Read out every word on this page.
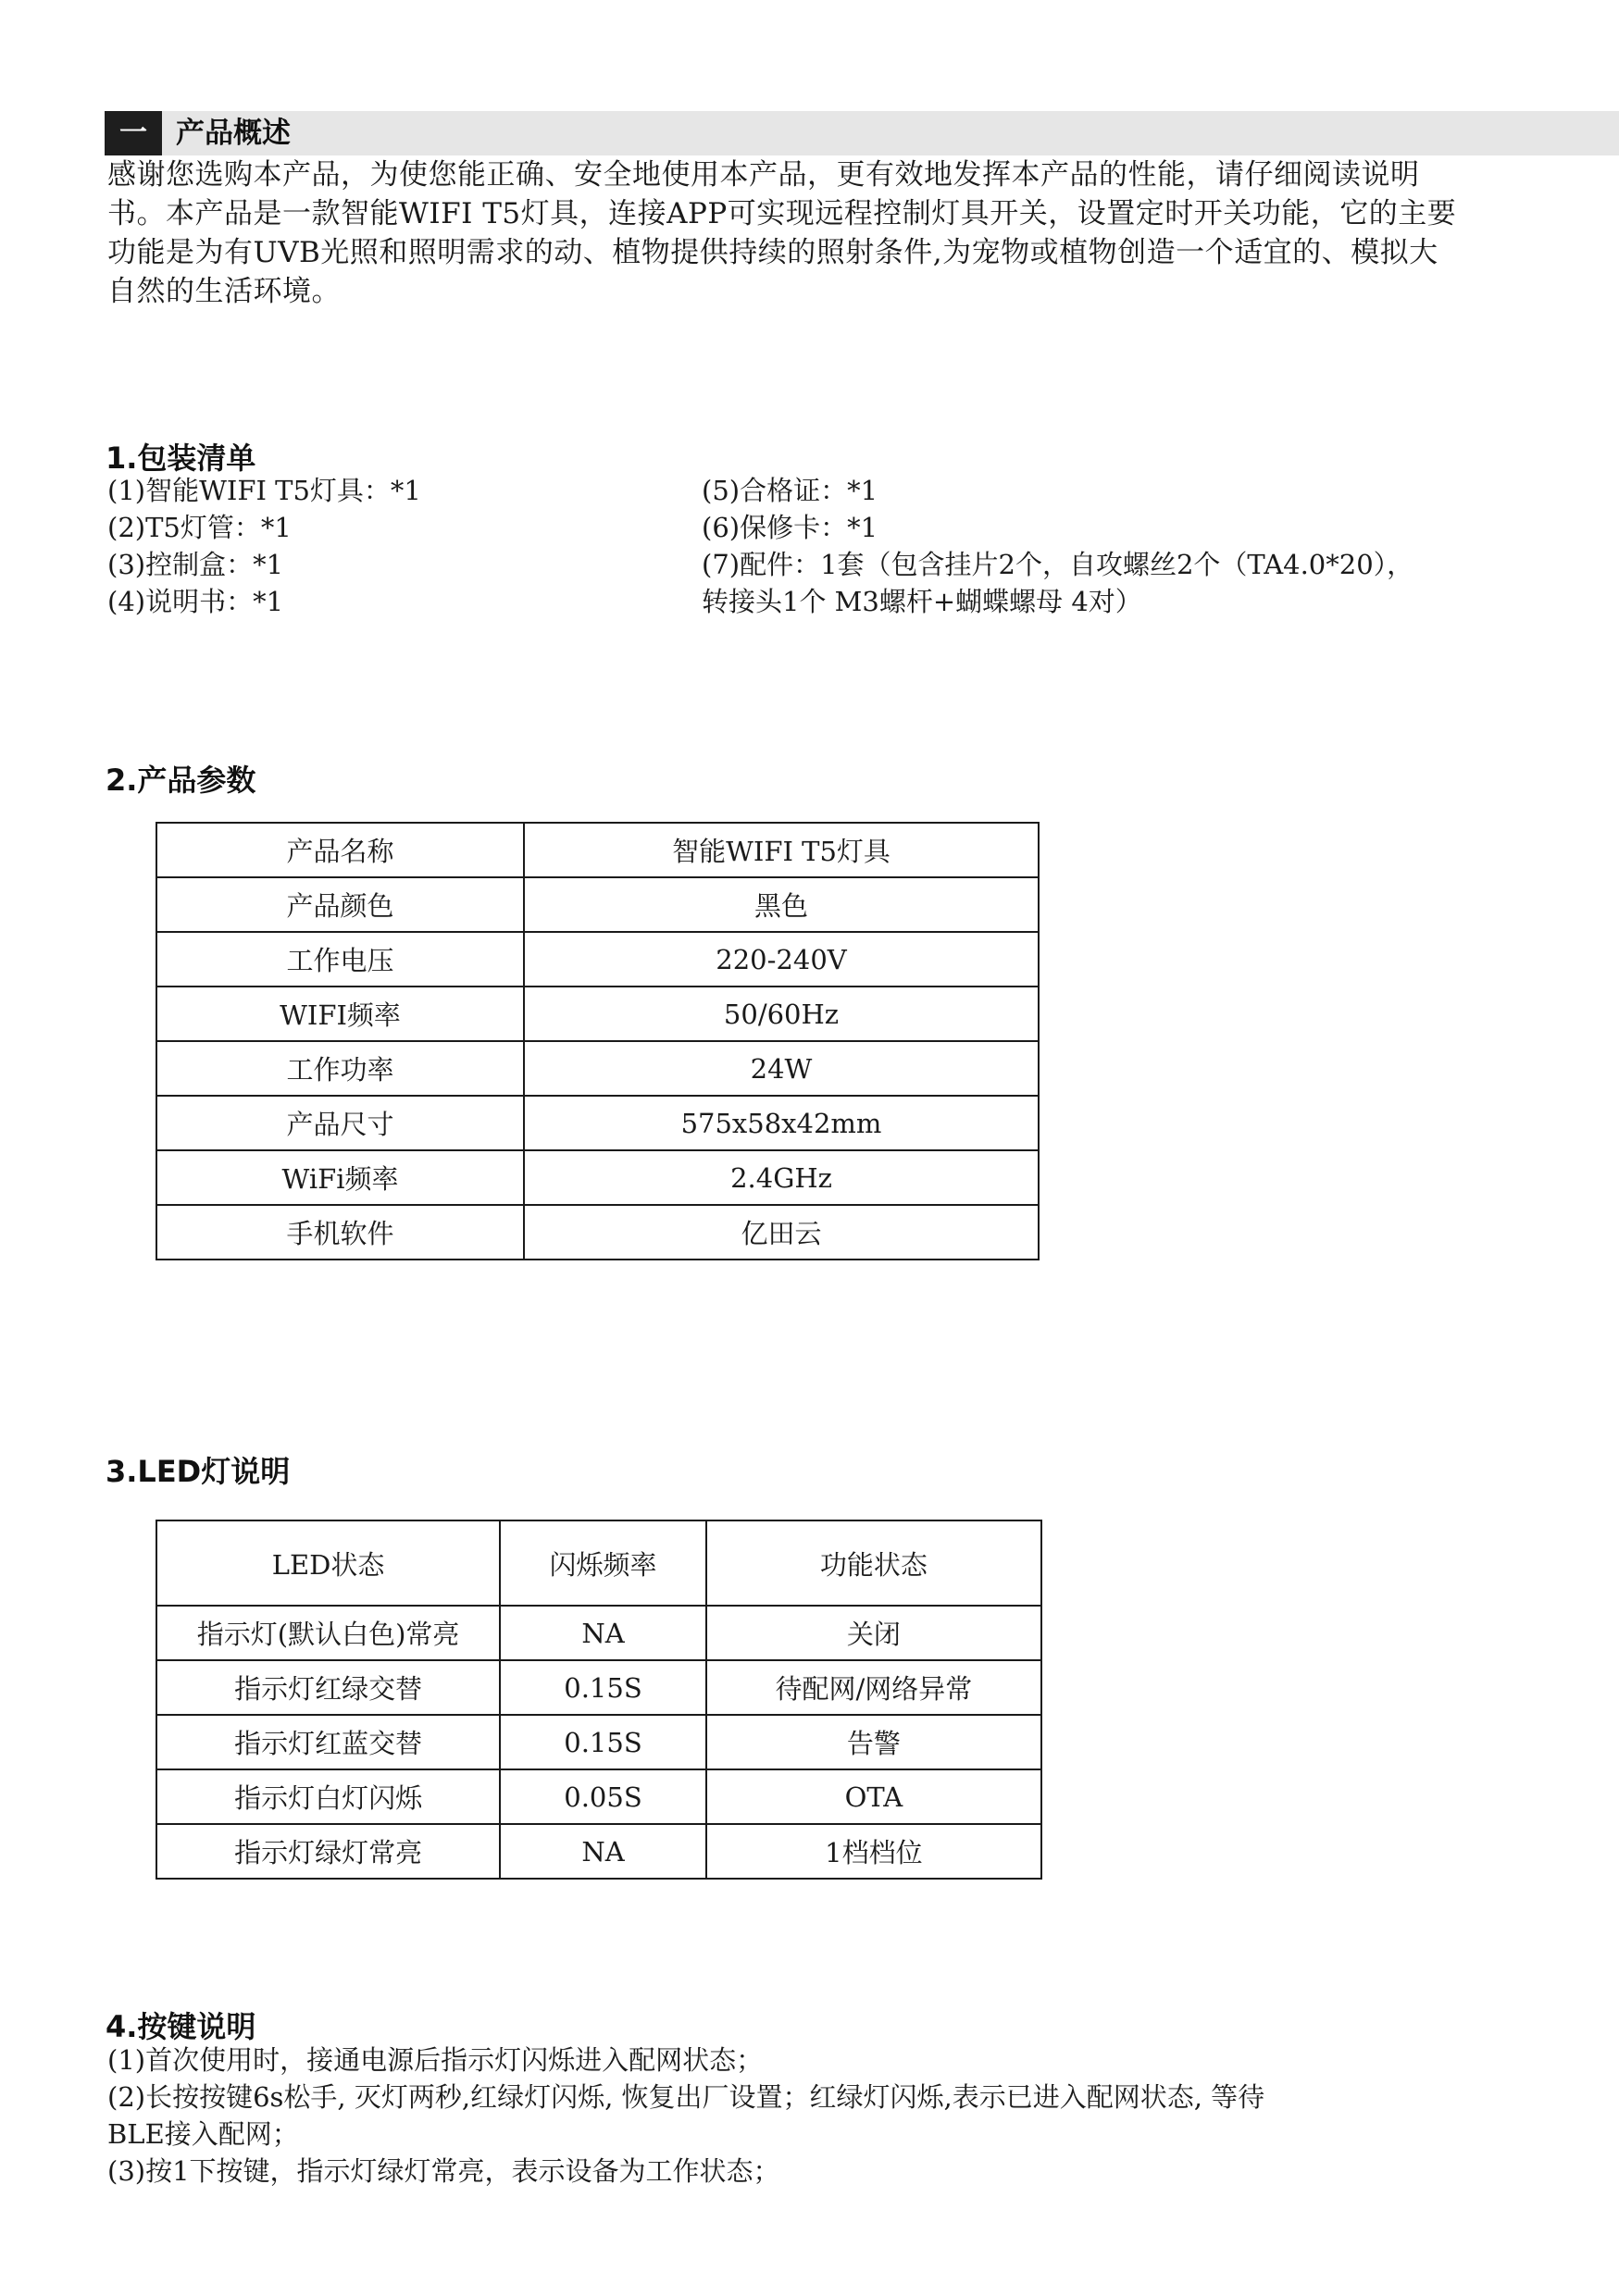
一	产品概述

感谢您选购本产品，为使您能正确、安全地使用本产品，更有效地发挥本产品的性能，请仔细阅读说明

书。本产品是一款智能WIFI T5灯具，连接APP可实现远程控制灯具开关，设置定时开关功能，它的主要

功能是为有UVB光照和照明需求的动、植物提供持续的照射条件,为宠物或植物创造一个适宜的、模拟大

自然的生活环境。

1.包装清单
(1)智能WIFI T5灯具：*1
(2)T5灯管：*1
(3)控制盒：*1
(4)说明书：*1
(5)合格证：*1
(6)保修卡：*1
(7)配件：1套（包含挂片2个，自攻螺丝2个（TA4.0*20），
转接头1个 M3螺杆+蝴蝶螺母 4对）
2.产品参数
产品名称	智能WIFI T5灯具
产品颜色	黑色
工作电压	220-240V
WIFI频率	50/60Hz
工作功率	24W
产品尺寸	575x58x42mm
WiFi频率	2.4GHz
手机软件	亿田云
3.LED灯说明
LED状态	闪烁频率	功能状态
指示灯(默认白色)常亮	NA	关闭
指示灯红绿交替	0.15S	待配网/网络异常
指示灯红蓝交替	0.15S	告警
指示灯白灯闪烁	0.05S	OTA
指示灯绿灯常亮	NA	1档档位
4.按键说明
(1)首次使用时，接通电源后指示灯闪烁进入配网状态；
(2)长按按键6s松手, 灭灯两秒,红绿灯闪烁, 恢复出厂设置；红绿灯闪烁,表示已进入配网状态, 等待
BLE接入配网；
(3)按1下按键，指示灯绿灯常亮，表示设备为工作状态；
